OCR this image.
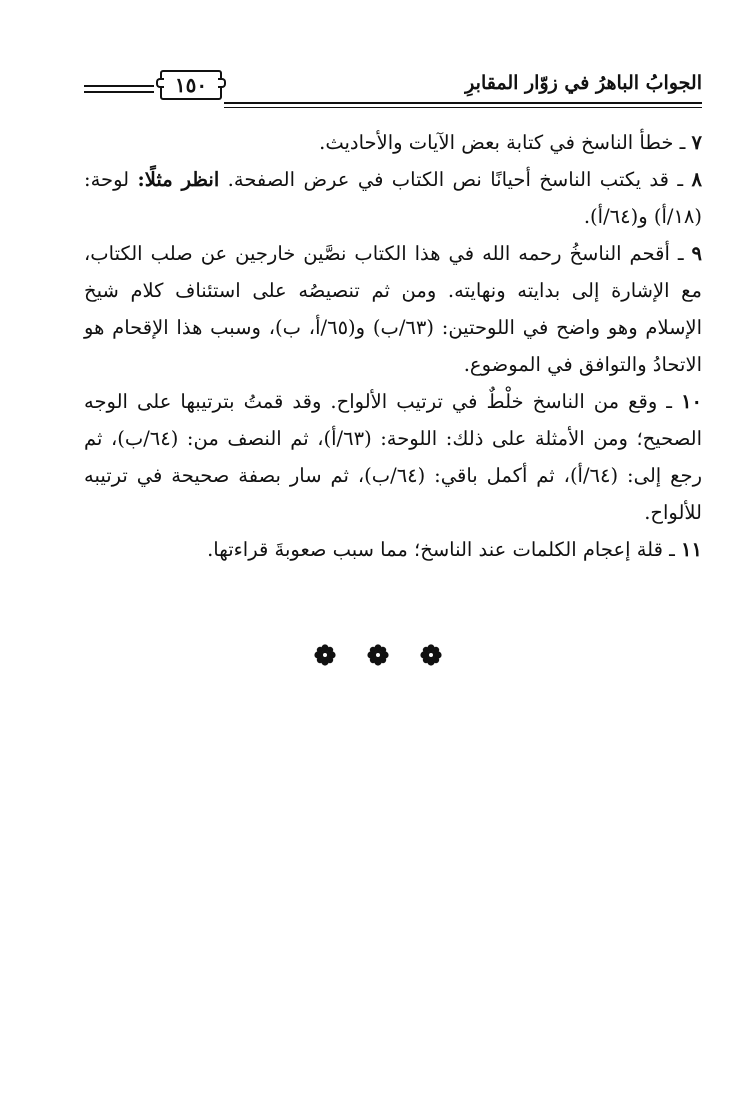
١٥٠	الجوابُ الباهرُ في زوّار المقابرِ

٧ ـ خطأ الناسخ في كتابة بعض الآيات والأحاديث.

٨ ـ قد يكتب الناسخ أحيانًا نص الكتاب في عرض الصفحة. انظر مثلًا: لوحة: (١٨/أ) و(٦٤/أ).

٩ ـ أقحم الناسخُ رحمه الله في هذا الكتاب نصَّين خارجين عن صلب الكتاب، مع الإشارة إلى بدايته ونهايته. ومن ثم تنصيصُه على استئناف كلام شيخ الإسلام وهو واضح في اللوحتين: (٦٣/ب) و(٦٥/أ، ب)، وسبب هذا الإقحام هو الاتحادُ والتوافق في الموضوع.

١٠ ـ وقع من الناسخ خلْطٌ في ترتيب الألواح. وقد قمتُ بترتيبها على الوجه الصحيح؛ ومن الأمثلة على ذلك: اللوحة: (٦٣/أ)، ثم النصف من: (٦٤/ب)، ثم رجع إلى: (٦٤/أ)، ثم أكمل باقي: (٦٤/ب)، ثم سار بصفة صحيحة في ترتيبه للألواح.

١١ ـ قلة إعجام الكلمات عند الناسخ؛ مما سبب صعوبةَ قراءتها.
